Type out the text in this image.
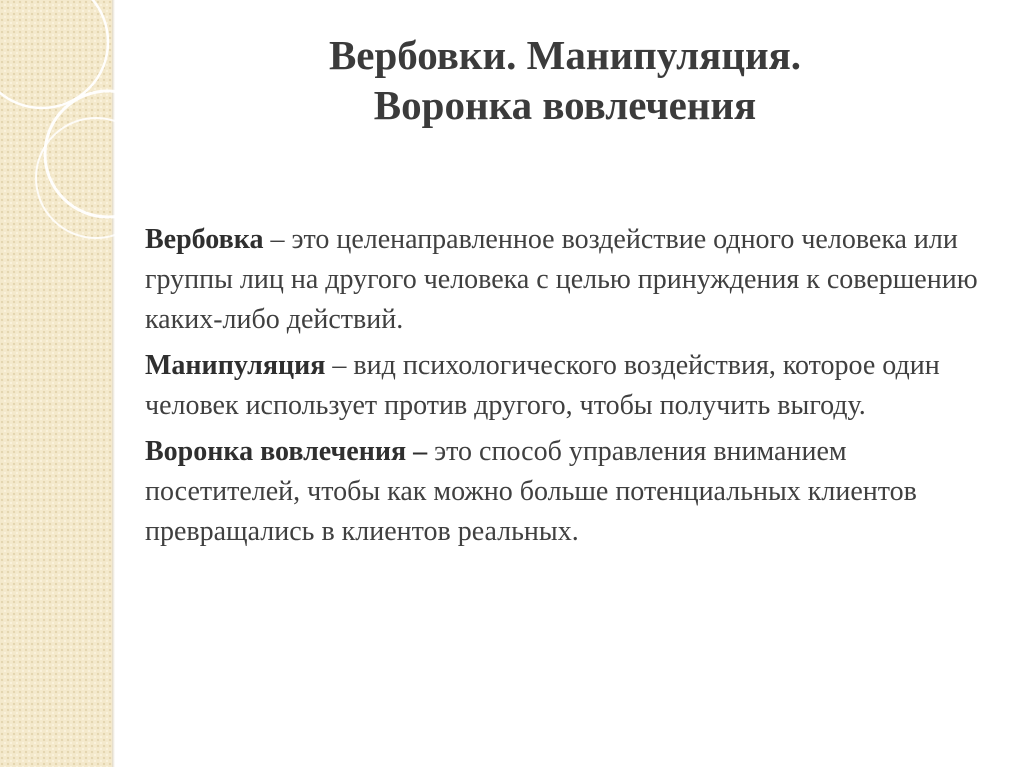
Вербовки. Манипуляция.
Воронка вовлечения

Вербовка – это целенаправленное воздействие одного человека или группы лиц на другого человека с целью принуждения к совершению каких-либо действий.

Манипуляция – вид психологического воздействия, которое один человек использует против другого, чтобы получить выгоду.

Воронка вовлечения – это способ управления вниманием посетителей, чтобы как можно больше потенциальных клиентов превращались в клиентов реальных.
